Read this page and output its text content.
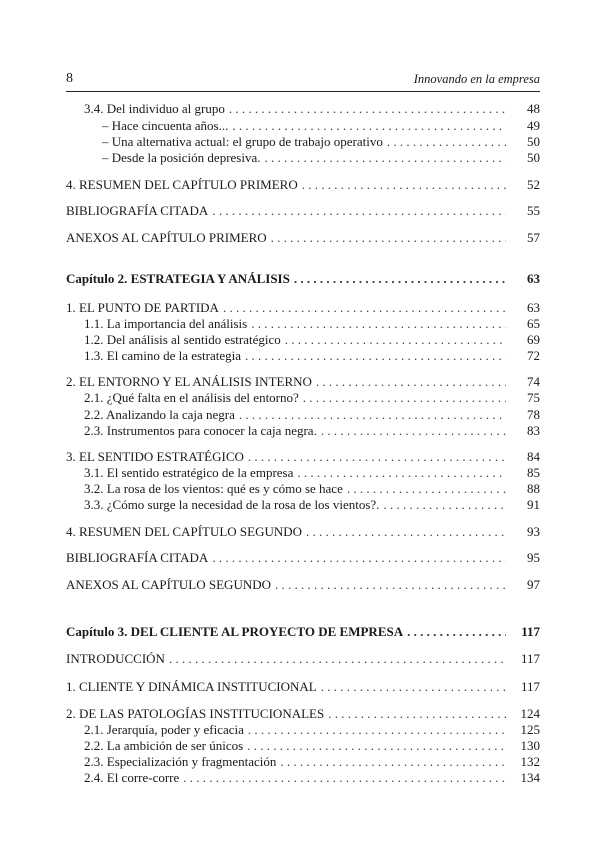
8	Innovando en la empresa
3.4. Del individuo al grupo . . .	48
– Hace cincuenta años... . . .	49
– Una alternativa actual: el grupo de trabajo operativo . . .	50
– Desde la posición depresiva. . . .	50
4. RESUMEN DEL CAPÍTULO PRIMERO . . .	52
BIBLIOGRAFÍA CITADA . . .	55
ANEXOS AL CAPÍTULO PRIMERO . . .	57
Capítulo 2. ESTRATEGIA Y ANÁLISIS . . .	63
1. EL PUNTO DE PARTIDA . . .	63
1.1. La importancia del análisis . . .	65
1.2. Del análisis al sentido estratégico . . .	69
1.3. El camino de la estrategia . . .	72
2. EL ENTORNO Y EL ANÁLISIS INTERNO . . .	74
2.1. ¿Qué falta en el análisis del entorno? . . .	75
2.2. Analizando la caja negra . . .	78
2.3. Instrumentos para conocer la caja negra. . . .	83
3. EL SENTIDO ESTRATÉGICO . . .	84
3.1. El sentido estratégico de la empresa . . .	85
3.2. La rosa de los vientos: qué es y cómo se hace . . .	88
3.3. ¿Cómo surge la necesidad de la rosa de los vientos?. . . .	91
4. RESUMEN DEL CAPÍTULO SEGUNDO . . .	93
BIBLIOGRAFÍA CITADA . . .	95
ANEXOS AL CAPÍTULO SEGUNDO . . .	97
Capítulo 3. DEL CLIENTE AL PROYECTO DE EMPRESA . . .	117
INTRODUCCIÓN . . .	117
1. CLIENTE Y DINÁMICA INSTITUCIONAL . . .	117
2. DE LAS PATOLOGÍAS INSTITUCIONALES . . .	124
2.1. Jerarquía, poder y eficacia . . .	125
2.2. La ambición de ser únicos . . .	130
2.3. Especialización y fragmentación . . .	132
2.4. El corre-corre . . .	134
